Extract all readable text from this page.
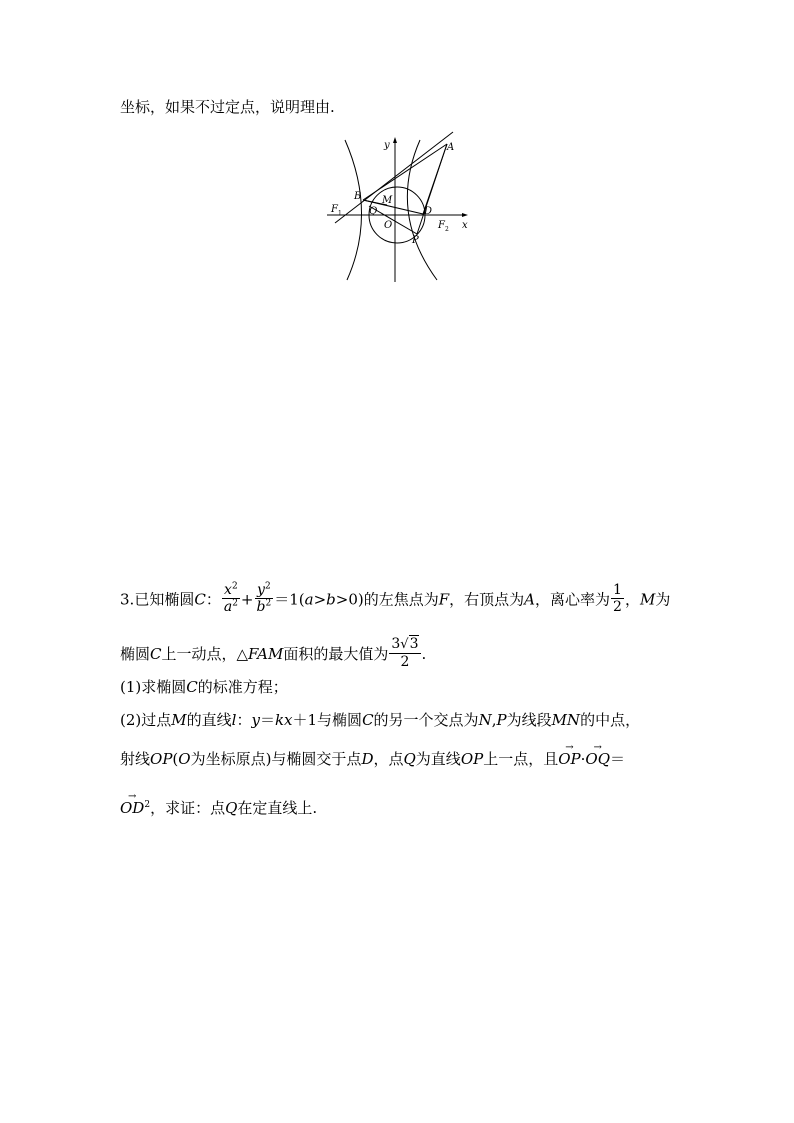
坐标，如果不过定点，说明理由.
y
x
A
B M
Q	D
O
P
$F_1$
$F_2$
3.已知椭圆C： $\frac{x^2}{a^2} + \frac{y^2}{b^2} =1(a>b>0)$的左焦点为F，右顶点为A，离心率为 $\frac{1}{2}$ ，M为
椭圆C上一动点，△FAM面积的最大值为 $\frac{3√3}{2}$ .
(1)求椭圆C的标准方程；
(2)过点M的直线l：y＝kx＋1与椭圆C的另一个交点为N,P为线段MN的中点，
射线OP(O为坐标原点)与椭圆交于点D，点Q为直线OP上一点，且→ OP·→ OQ＝
→ $OD^2$，求证：点Q在定直线上.
